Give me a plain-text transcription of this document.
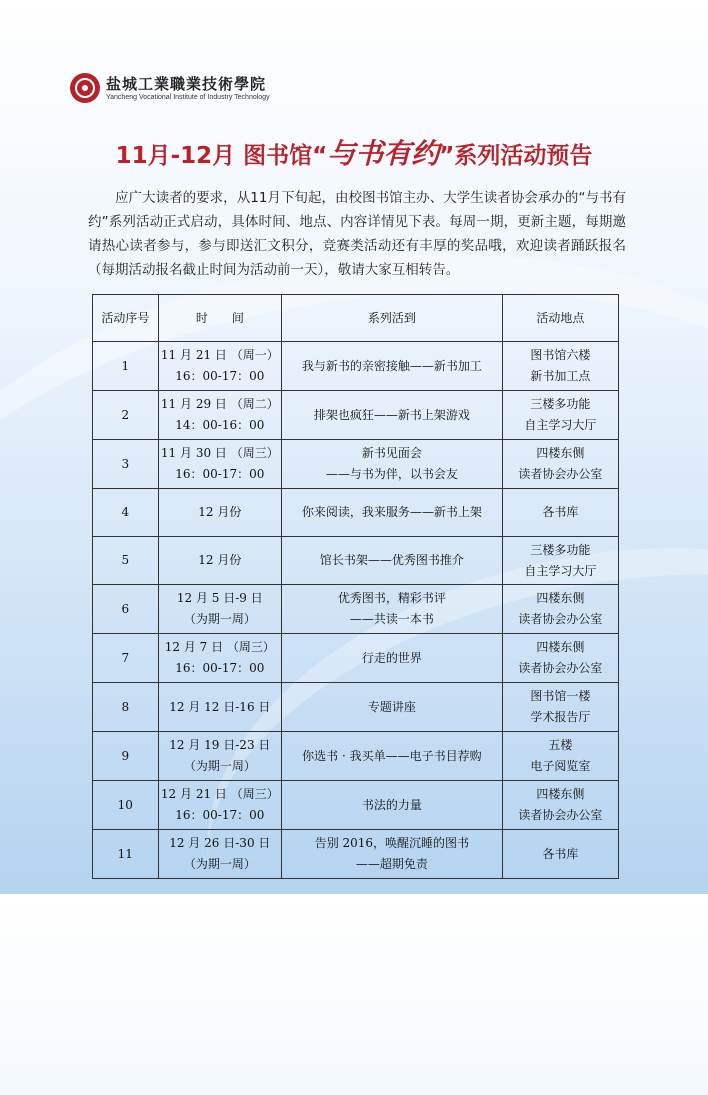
盐城工業職業技術學院
Yancheng Vocational Institute of Industry Technology
11月-12月 图书馆“与书有约”系列活动预告
应广大读者的要求，从11月下旬起，由校图书馆主办、大学生读者协会承办的“与书有约”系列活动正式启动，具体时间、地点、内容详情见下表。每周一期，更新主题，每期邀请热心读者参与，参与即送汇文积分，竞赛类活动还有丰厚的奖品哦，欢迎读者踊跃报名（每期活动报名截止时间为活动前一天），敬请大家互相转告。
活动序号	时　　间	系列活到	活动地点

1	11 月 21 日 （周一）
16：00-17：00	我与新书的亲密接触——新书加工	图书馆六楼
新书加工点

2	11 月 29 日 （周二）
14：00-16：00	排架也疯狂——新书上架游戏	三楼多功能
自主学习大厅

3	11 月 30 日 （周三）
16：00-17：00	新书见面会
——与书为伴，以书会友	四楼东侧
读者协会办公室

4	12 月份	你来阅读，我来服务——新书上架	各书库

5	12 月份	馆长书架——优秀图书推介	三楼多功能
自主学习大厅

6	12 月 5 日-9 日
（为期一周）	优秀图书，精彩书评
——共读一本书	四楼东侧
读者协会办公室

7	12 月 7 日 （周三）
16：00-17：00	行走的世界	四楼东侧
读者协会办公室

8	12 月 12 日-16 日	专题讲座	图书馆一楼
学术报告厅

9	12 月 19 日-23 日
（为期一周）	你选书 · 我买单——电子书目荐购	五楼
电子阅览室

10	12 月 21 日 （周三）
16：00-17：00	书法的力量	四楼东侧
读者协会办公室

11	12 月 26 日-30 日
（为期一周）	告别 2016，唤醒沉睡的图书
——超期免责	各书库
